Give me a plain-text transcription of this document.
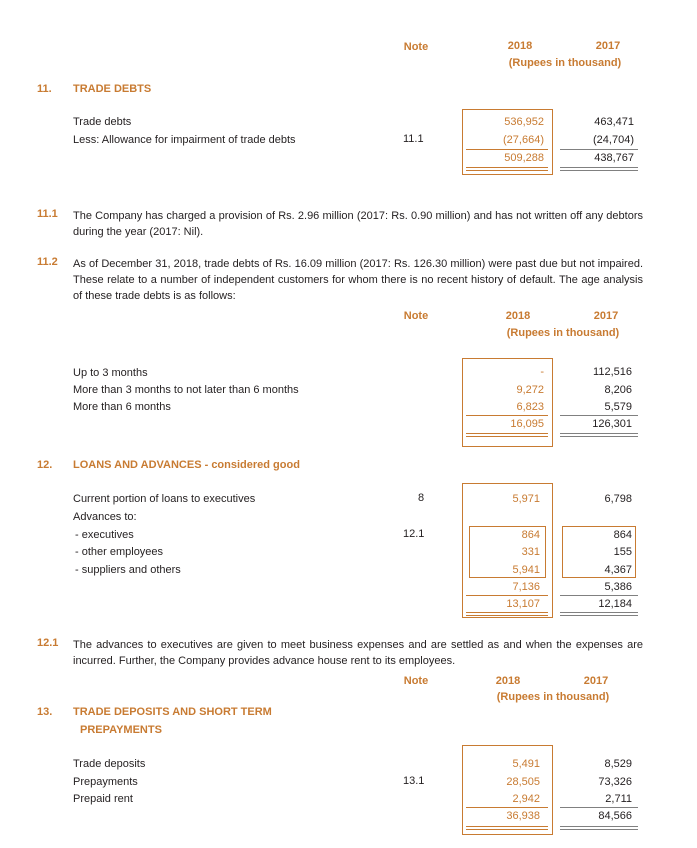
Note	2018	2017
(Rupees in thousand)
11. TRADE DEBTS
Trade debts	536,952	463,471
Less: Allowance for impairment of trade debts	11.1	(27,664)	(24,704)
509,288	438,767
11.1 The Company has charged a provision of Rs. 2.96 million (2017: Rs. 0.90 million) and has not written off any debtors during the year (2017: Nil).
11.2 As of December 31, 2018, trade debts of Rs. 16.09 million (2017: Rs. 126.30 million) were past due but not impaired. These relate to a number of independent customers for whom there is no recent history of default. The age analysis of these trade debts is as follows:
Note	2018	2017
(Rupees in thousand)
Up to 3 months	-	112,516
More than 3 months to not later than 6 months	9,272	8,206
More than 6 months	6,823	5,579
16,095	126,301
12. LOANS AND ADVANCES - considered good
Current portion of loans to executives	8	5,971	6,798
Advances to:
- executives	12.1	864	864
- other employees	331	155
- suppliers and others	5,941	4,367
7,136	5,386
13,107	12,184
12.1 The advances to executives are given to meet business expenses and are settled as and when the expenses are incurred. Further, the Company provides advance house rent to its employees.
Note	2018	2017
(Rupees in thousand)
13. TRADE DEPOSITS AND SHORT TERM
PREPAYMENTS
Trade deposits	5,491	8,529
Prepayments	13.1	28,505	73,326
Prepaid rent	2,942	2,711
36,938	84,566
